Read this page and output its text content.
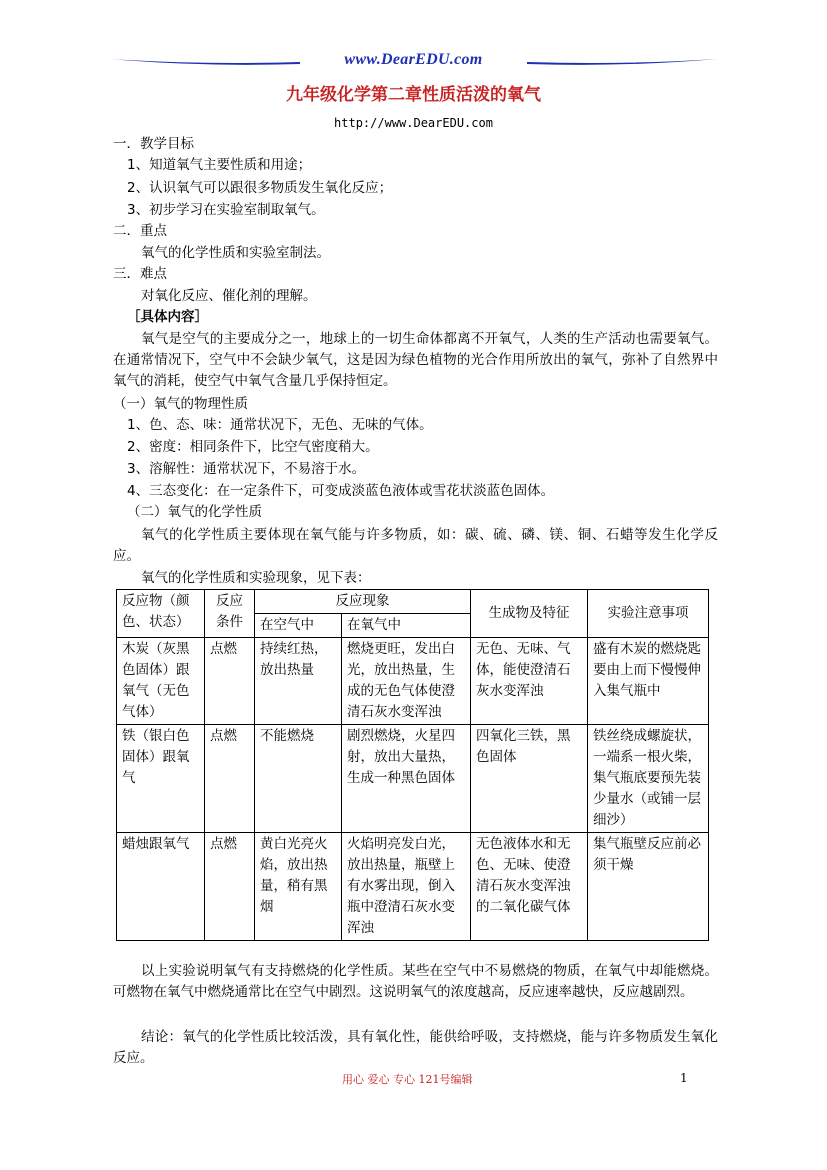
www.DearEDU.com
九年级化学第二章性质活泼的氧气
http://www.DearEDU.com
一．教学目标
1、知道氧气主要性质和用途；
2、认识氧气可以跟很多物质发生氧化反应；
3、初步学习在实验室制取氧气。
二．重点
氧气的化学性质和实验室制法。
三．难点
对氧化反应、催化剂的理解。
［具体内容］
氧气是空气的主要成分之一，地球上的一切生命体都离不开氧气，人类的生产活动也需要氧气。在通常情况下，空气中不会缺少氧气，这是因为绿色植物的光合作用所放出的氧气，弥补了自然界中氧气的消耗，使空气中氧气含量几乎保持恒定。
（一）氧气的物理性质
1、色、态、味：通常状况下，无色、无味的气体。
2、密度：相同条件下，比空气密度稍大。
3、溶解性：通常状况下，不易溶于水。
4、三态变化：在一定条件下，可变成淡蓝色液体或雪花状淡蓝色固体。
（二）氧气的化学性质
氧气的化学性质主要体现在氧气能与许多物质，如：碳、硫、磷、镁、铜、石蜡等发生化学反应。
氧气的化学性质和实验现象，见下表：
反应物（颜色、状态）	反应条件	反应现象		生成物及特征	实验注意事项
		在空气中	在氧气中		
木炭（灰黑色固体）跟氧气（无色气体）	点燃	持续红热，放出热量	燃烧更旺，发出白光，放出热量，生成的无色气体使澄清石灰水变浑浊	无色、无味、气体，能使澄清石灰水变浑浊	盛有木炭的燃烧匙要由上而下慢慢伸入集气瓶中
铁（银白色固体）跟氧气	点燃	不能燃烧	剧烈燃烧，火星四射，放出大量热，生成一种黑色固体	四氧化三铁，黑色固体	铁丝绕成螺旋状，一端系一根火柴，集气瓶底要预先装少量水（或铺一层细沙）
蜡烛跟氧气	点燃	黄白光亮火焰，放出热量，稍有黑烟	火焰明亮发白光，放出热量，瓶壁上有水雾出现，倒入瓶中澄清石灰水变浑浊	无色液体水和无色、无味、使澄清石灰水变浑浊的二氧化碳气体	集气瓶壁反应前必须干燥
以上实验说明氧气有支持燃烧的化学性质。某些在空气中不易燃烧的物质，在氧气中却能燃烧。可燃物在氧气中燃烧通常比在空气中剧烈。这说明氧气的浓度越高，反应速率越快，反应越剧烈。
结论：氧气的化学性质比较活泼，具有氧化性，能供给呼吸，支持燃烧，能与许多物质发生氧化反应。
用心 爱心 专心 121号编辑	1
